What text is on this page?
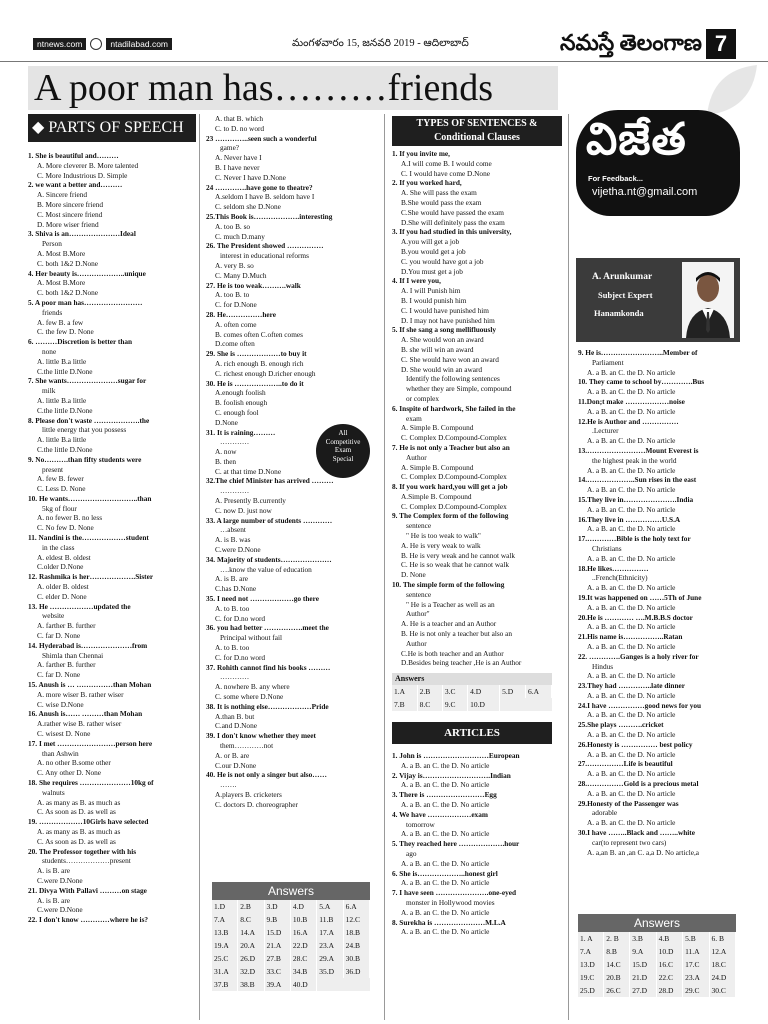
ntnews.com	ntadilabad.com	మంగళవారం 15, జనవరి 2019 - ఆదిలాబాద్	నమస్తే తెలంగాణ 7
A poor man has………friends
◆ PARTS OF SPEECH

1. She is beautiful and………

A. More cleverer B. More talented

C. More Industrious D. Simple

2. we want a better and………

A. Sincere friend

B. More sincere friend

C. Most sincere friend

D. More wiser friend

3. Shiva is an…………………Ideal

Person

A. Most B.More

C. both 1&2 D.None

4. Her beauty is………………..unique

A. Most B.More

C. both 1&2 D.None

5. A poor man has……………………

friends

A. few B. a few

C. the few D. None

6. ………Discretion is better than

none

A. little B.a little

C.the little D.None

7. She wants…………………sugar for

milk

A. little B.a little

C.the little D.None

8. Please don't waste ……………….the

little energy that you possess

A. little B.a little

C.the little D.None

9. No……….than fifty students were

present

A. few B. fewer

C. Less D. None

10. He wants………………………..than

5kg of flour

A. no fewer B. no less

C. No few D. None

11. Nandini is the………………student

in the class

A. eldest B. oldest

C.older D.None

12. Rashmika is her……………….Sister

A. older B. oldest

C. elder D. None

13. He ………………updated the

website

A. farther B. further

C. far D. None

14. Hyderabad is…………………from

Shimla than Chennai

A. farther B. further

C. far D. None

15. Anush is … ……………than Mohan

A. more wiser B. rather wiser

C. wise D.None

16. Anush is…… ………than Mohan

A.rather wise B. rather wiser

C. wisest D. None

17. I met ……………………person here

than Ashwin

A. no other B.some other

C. Any other D. None

18. She requires …………………10kg of

walnuts

A. as many as B. as much as

C. As soon as D. as well as

19. ………………10Girls have selected

A. as many as B. as much as

C. As soon as D. as well as

20. The Professor together with his

students………………present

A. is B. are

C.were D.None

21. Divya With Pallavi ………on stage

A. is B. are

C.were D.None

22. I don't know …………where he is?

A. that B. which

C. to D. no word

23 …………..seen such a wonderful

game?

A. Never have I

B. I have never

C. Never I have D.None

24 ………….have gone to theatre?

A.seldom I have B. seldom have I

C. seldom she D.None

25.This Book is……………….interesting

A. too B. so

C. much D.many

26. The President showed ……………

interest in educational reforms

A. very B. so

C. Many D.Much

27. He is too weak……….walk

A. too B. to

C. for D.None

28. He……………here

A. often come

B. comes often C.often comes

D.come often

29. She is ………………to buy it

A. rich enough B. enough rich

C. richest enough D.richer enough

30. He is ………………..to do it

A.enough foolish

B. foolish enough

C. enough fool

D.None

31. It is raining………

…………

A. now

B. then

C. at that time D.None

32.The chief Minister has arrived ………

…………

A. Presently B.currently

C. now D. just now

33. A large number of students …………

…absent

A. is B. was

C.were D.None

34. Majority of students…………………

….know the value of education

A. is B. are

C.has D.None

35. I need not ………………go there

A. to B. too

C. for D.no word

36. you had better …………….meet the

Principal without fail

A. to B. too

C. for D.no word

37. Rohith cannot find his books ………

…………

A. nowhere B. any where

C. some where D.None

38. It is nothing else………………Pride

A.than B. but

C.and D.None

39. I don't know whether they meet

them…………not

A. or B. are

C.our D.None

40. He is not only a singer but also……

…….

A.players B. cricketers

C. doctors D. choreographer

All
Competitive
Exam
Special
Answers
1.D	2.B	3.D	4.D	5.A	6.A
7.A	8.C	9.B	10.B	11.B	12.C
13.B	14.A	15.D	16.A	17.A	18.B
19.A	20.A	21.A	22.D	23.A	24.B
25.C	26.D	27.B	28.C	29.A	30.B
31.A	32.D	33.C	34.B	35.D	36.D
37.B	38.B	39.A	40.D		
TYPES OF SENTENCES &
Conditional Clauses

1. If you invite me,

A.I will come B. I would come

C. I would have come D.None

2. If you worked hard,

A. She will pass the exam

B.She would pass the exam

C.She would have passed the exam

D.She will definitely pass the exam

3. If you had studied in this university,

A.you will get a job

B.you would get a job

C. you would have got a job

D.You must get a job

4. If I were you,

A. I will Punish him

B. I would punish him

C. I would have punished him

D. I may not have punished him

5. If she sang a song mellifluously

A. She would won an award

B. she will win an award

C. She would have won an award

D. She would win an award

Identify the following sentences

whether they are Simple, compound

or complex

6. Inspite of hardwork, She failed in the

exam

A. Simple B. Compound

C. Complex D.Compound-Complex

7. He is not only a Teacher but also an

Author

A. Simple B. Compound

C. Complex D.Compound-Complex

8. If you work hard,you will get a job

A.Simple B. Compound

C. Complex D.Compound-Complex

9. The Complex form of the following

sentence

" He is too weak to walk"

A. He is very weak to walk

B. He is very weak and he cannot walk

C. He is so weak that he cannot walk

D. None

10. The simple form of the following

sentence

" He is a Teacher as well as an

Author"

A. He is a teacher and an Author

B. He is not only a teacher but also an

Author

C.He is both teacher and an Author

D.Besides being teacher ,He is an Author

Answers
1.A	2.B	3.C	4.D	5.D	6.A
7.B	8.C	9.C	10.D		
ARTICLES

1. John is ………………………European

A. a B. an C. the D. No article

2. Vijay is……………………….Indian

A. a B. an C. the D. No article

3. There is ……………………Egg

A. a B. an C. the D. No article

4. We have ………………exam

tomorrow

A. a B. an C. the D. No article

5. They reached here ……………….hour

ago

A. a B. an C. the D. No article

6. She is………………..honest girl

A. a B. an C. the D. No article

7. I have seen ………………….one-eyed

monster in Hollywood movies

A. a B. an C. the D. No article

8. Surekha is …………………M.L.A

A. a B. an C. the D. No article

విజేత
For Feedback...
vijetha.nt@gmail.com
A. Arunkumar
Subject Expert
Hanamkonda

9. He is……………………..Member of

Parliament

A. a B. an C. the D. No article

10. They came to school by………….Bus

A. a B. an C. the D. No article

11.Don;t make ………………noise

A. a B. an C. the D. No article

12.He is Author and ……………

.Lecturer

A. a B. an C. the D. No article

13.……………………Mount Everest is

the highest peak in the world

A. a B. an C. the D. No article

14.………………..Sun rises in the east

A. a B. an C. the D. No article

15.They live in………………….India

A. a B. an C. the D. No article

16.They live in ……………U.S.A

A. a B. an C. the D. No article

17.…………Bible is the holy text for

Christians

A. a B. an C. the D. No article

18.He likes……………

..French(Ethnicity)

A. a B. an C. the D. No article

19.It was happened on ……5Th of June

A. a B. an C. the D. No article

20.He is ………… ….M.B.B.S doctor

A. a B. an C. the D. No article

21.His name is……………..Ratan

A. a B. an C. the D. No article

22. ………….Ganges is a holy river for

Hindus

A. a B. an C. the D. No article

23.They had …………..late dinner

A. a B. an C. the D. No article

24.I have ……………good news for you

A. a B. an C. the D. No article

25.She plays ……….cricket

A. a B. an C. the D. No article

26.Honesty is …………… best policy

A. a B. an C. the D. No article

27.……………Life is beautiful

A. a B. an C. the D. No article

28.……………Gold is a precious metal

A. a B. an C. the D. No article

29.Honesty of the Passenger was

adorable

A. a B. an C. the D. No article

30.I have ……..Black and ……..white

car(to represent two cars)

A. a,an B. an ,an C. a,a D. No article,a

Answers
1. A	2. B	3.B	4.B	5.B	6. B
7.A	8.B	9.A	10.D	11.A	12.A
13.D	14.C	15.D	16.C	17.C	18.C
19.C	20.B	21.D	22.C	23.A	24.D
25.D	26.C	27.D	28.D	29.C	30.C
